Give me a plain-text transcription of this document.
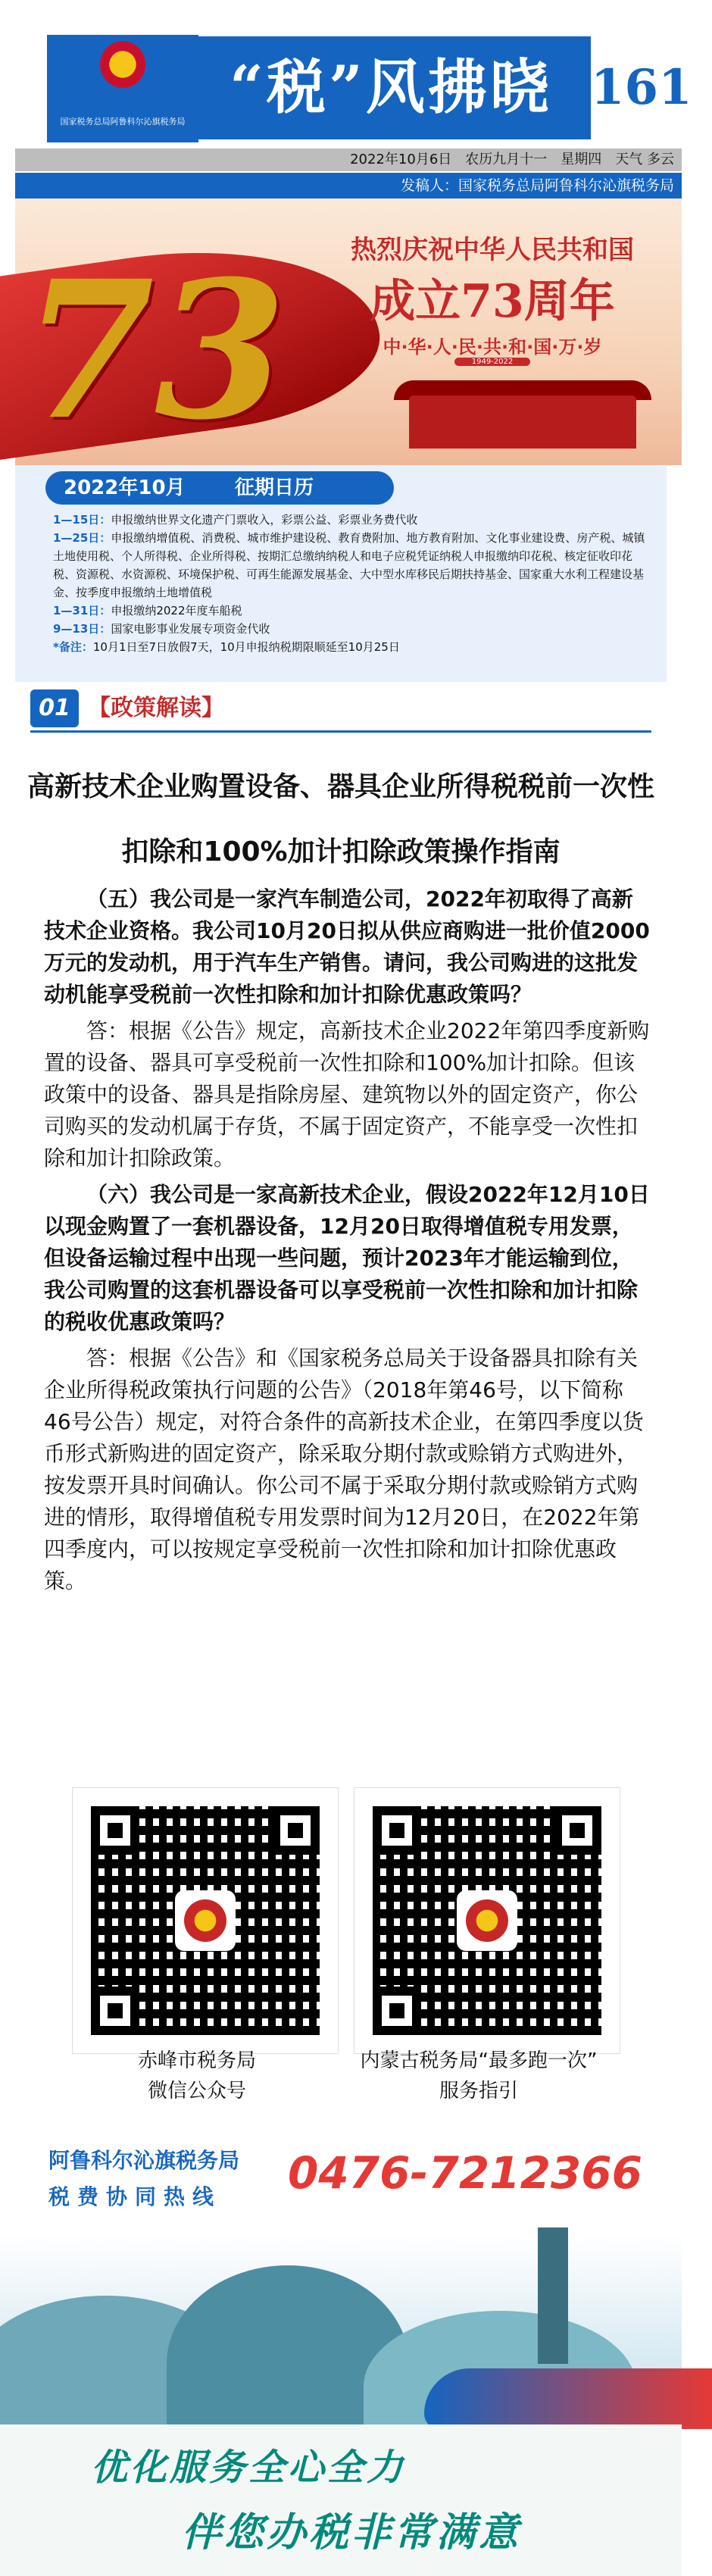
★
国家税务总局阿鲁科尔沁旗税务局 “税”风拂晓 161
2022年10月6日　农历九月十一　星期四　天气 多云
发稿人：国家税务总局阿鲁科尔沁旗税务局
73	热烈庆祝中华人民共和国
成立73周年
中·华·人·民·共·和·国·万·岁
1949-2022
2022年10月	征期日历
1—15日：申报缴纳世界文化遗产门票收入，彩票公益、彩票业务费代收
1—25日：申报缴纳增值税、消费税、城市维护建设税、教育费附加、地方教育附加、文化事业建设费、房产税、城镇土地使用税、个人所得税、企业所得税、按期汇总缴纳纳税人和电子应税凭证纳税人申报缴纳印花税、核定征收印花税、资源税、水资源税、环境保护税、可再生能源发展基金、大中型水库移民后期扶持基金、国家重大水利工程建设基金、按季度申报缴纳土地增值税
1—31日：申报缴纳2022年度车船税
9—13日：国家电影事业发展专项资金代收
*备注：10月1日至7日放假7天，10月申报纳税期限顺延至10月25日
01 【政策解读】
高新技术企业购置设备、器具企业所得税税前一次性扣除和100%加计扣除政策操作指南

（五）我公司是一家汽车制造公司，2022年初取得了高新技术企业资格。我公司10月20日拟从供应商购进一批价值2000万元的发动机，用于汽车生产销售。请问，我公司购进的这批发动机能享受税前一次性扣除和加计扣除优惠政策吗？

答：根据《公告》规定，高新技术企业2022年第四季度新购置的设备、器具可享受税前一次性扣除和100%加计扣除。但该政策中的设备、器具是指除房屋、建筑物以外的固定资产，你公司购买的发动机属于存货，不属于固定资产，不能享受一次性扣除和加计扣除政策。

（六）我公司是一家高新技术企业，假设2022年12月10日以现金购置了一套机器设备，12月20日取得增值税专用发票，但设备运输过程中出现一些问题，预计2023年才能运输到位，我公司购置的这套机器设备可以享受税前一次性扣除和加计扣除的税收优惠政策吗？

答：根据《公告》和《国家税务总局关于设备器具扣除有关企业所得税政策执行问题的公告》（2018年第46号，以下简称46号公告）规定，对符合条件的高新技术企业，在第四季度以货币形式新购进的固定资产，除采取分期付款或赊销方式购进外，按发票开具时间确认。你公司不属于采取分期付款或赊销方式购进的情形，取得增值税专用发票时间为12月20日，在2022年第四季度内，可以按规定享受税前一次性扣除和加计扣除优惠政策。

赤峰市税务局
微信公众号
内蒙古税务局“最多跑一次”
服务指引
阿鲁科尔沁旗税务局
税费协同热线 0476-7212366
优化服务全心全力
伴您办税非常满意
